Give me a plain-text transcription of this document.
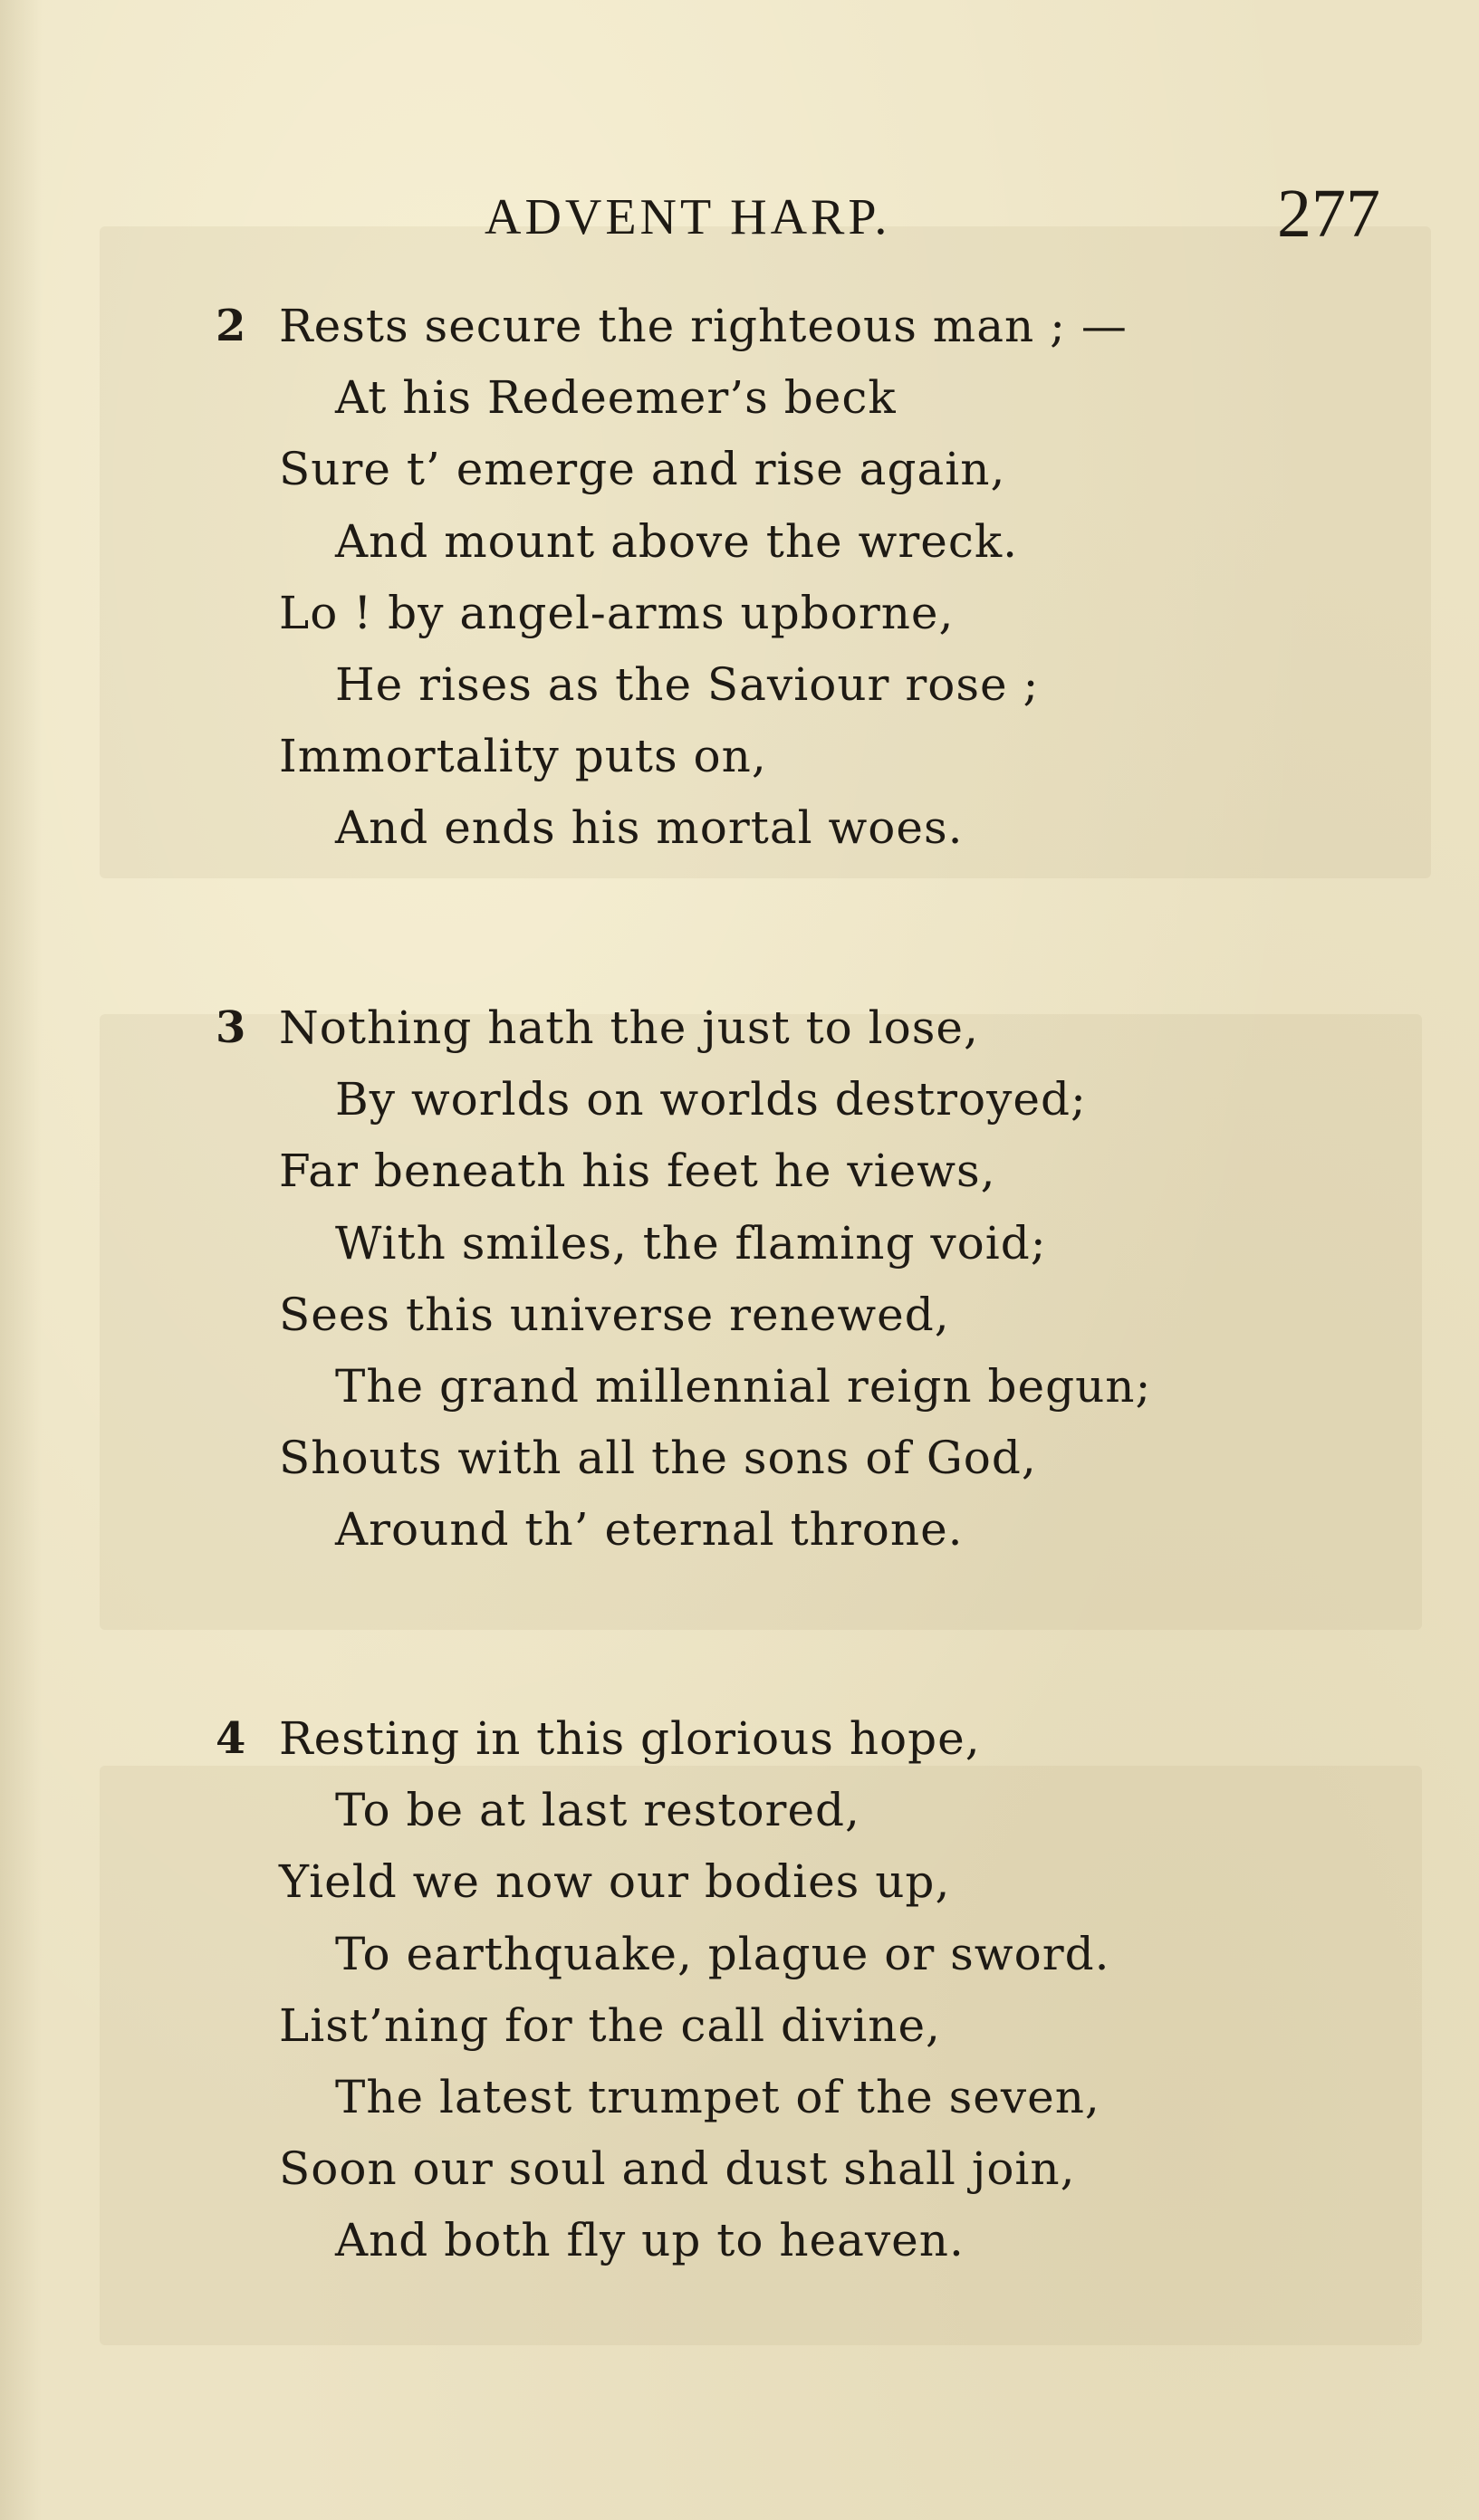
ADVENT HARP.	277
2 Rests secure the righteous man ; —
At his Redeemer’s beck
Sure t’ emerge and rise again,
And mount above the wreck.
Lo ! by angel-arms upborne,
He rises as the Saviour rose ;
Immortality puts on,
And ends his mortal woes.
3 Nothing hath the just to lose,
By worlds on worlds destroyed;
Far beneath his feet he views,
With smiles, the flaming void;
Sees this universe renewed,
The grand millennial reign begun;
Shouts with all the sons of God,
Around th’ eternal throne.
4 Resting in this glorious hope,
To be at last restored,
Yield we now our bodies up,
To earthquake, plague or sword.
List’ning for the call divine,
The latest trumpet of the seven,
Soon our soul and dust shall join,
And both fly up to heaven.
